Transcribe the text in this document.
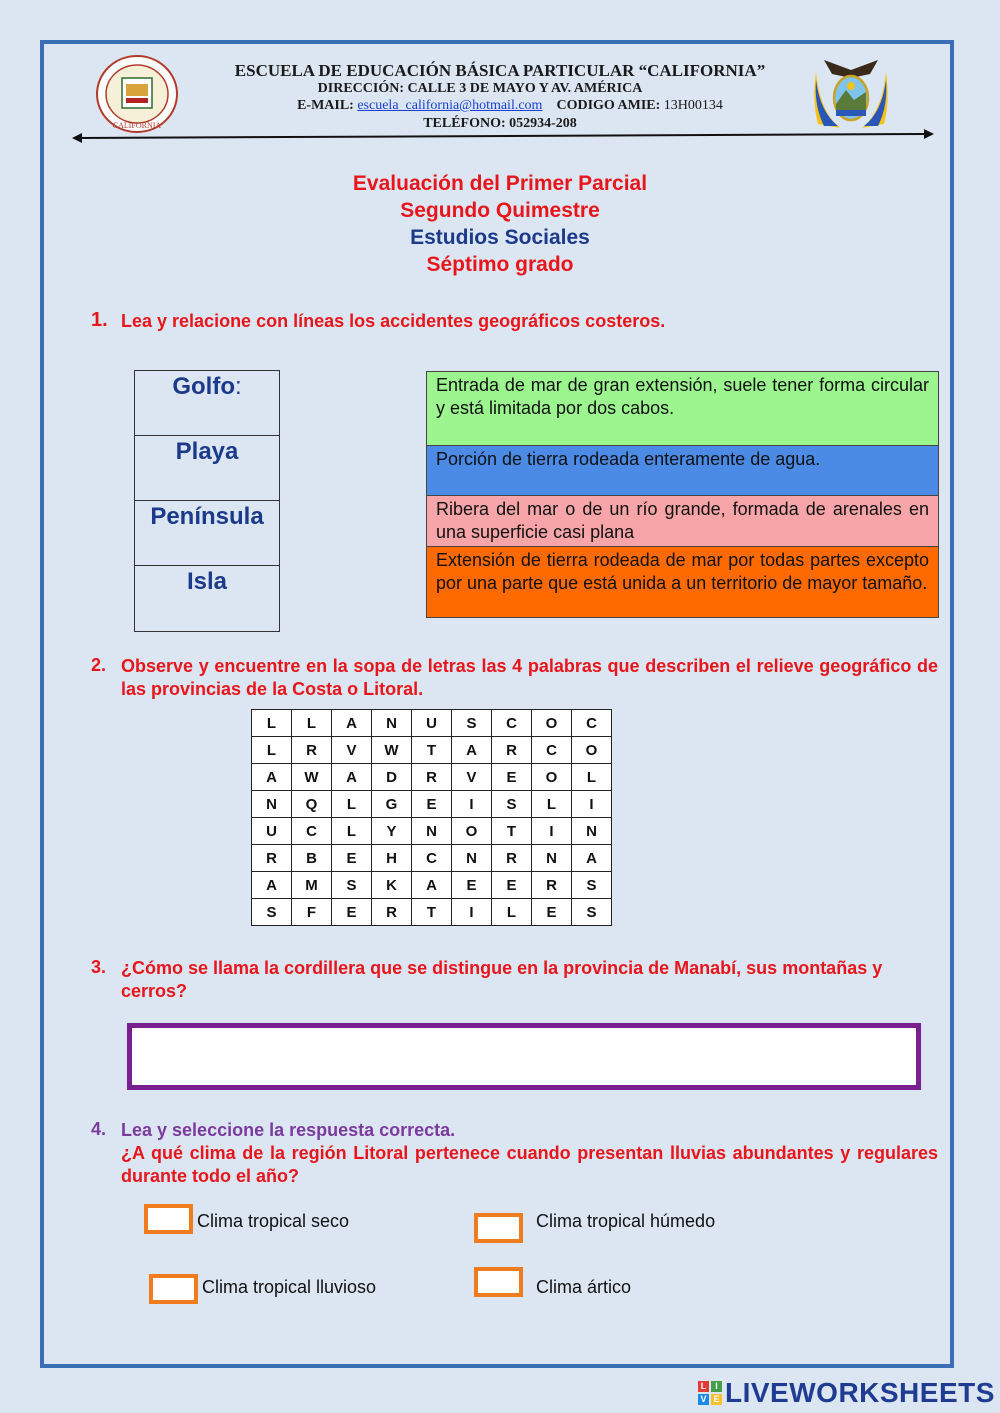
CALIFORNIA
ESCUELA DE EDUCACIÓN BÁSICA PARTICULAR “CALIFORNIA”
DIRECCIÓN: CALLE 3 DE MAYO Y AV. AMÉRICA
E-MAIL: escuela_california@hotmail.com CODIGO AMIE: 13H00134
TELÉFONO: 052934-208
Evaluación del Primer Parcial
Segundo Quimestre
Estudios Sociales
Séptimo grado
1. Lea y relacione con líneas los accidentes geográficos costeros.
Golfo:
Playa
Península
Isla
Entrada de mar de gran extensión, suele tener forma circular y está limitada por dos cabos.
Porción de tierra rodeada enteramente de agua.
Ribera del mar o de un río grande, formada de arenales en una superficie casi plana
Extensión de tierra rodeada de mar por todas partes excepto por una parte que está unida a un territorio de mayor tamaño.
2. Observe y encuentre en la sopa de letras las 4 palabras que describen el relieve geográfico de las provincias de la Costa o Litoral.
L	L	A	N	U	S	C	O	C
L	R	V	W	T	A	R	C	O
A	W	A	D	R	V	E	O	L
N	Q	L	G	E	I	S	L	I
U	C	L	Y	N	O	T	I	N
R	B	E	H	C	N	R	N	A
A	M	S	K	A	E	E	R	S
S	F	E	R	T	I	L	E	S
3. ¿Cómo se llama la cordillera que se distingue en la provincia de Manabí, sus montañas y cerros?
4. Lea y seleccione la respuesta correcta.
¿A qué clima de la región Litoral pertenece cuando presentan lluvias abundantes y regulares durante todo el año?
Clima tropical seco	Clima tropical húmedo
Clima tropical lluvioso	Clima ártico
L I
V E LIVEWORKSHEETS
